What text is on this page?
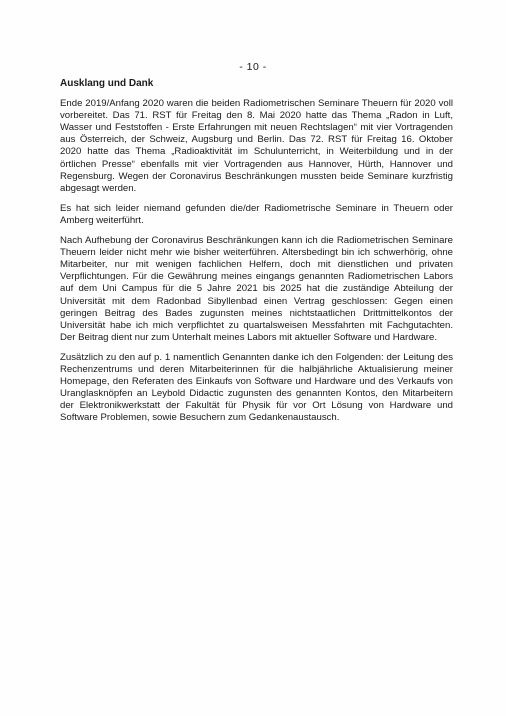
- 10 -
Ausklang und Dank

Ende 2019/Anfang 2020 waren die beiden Radiometrischen Seminare Theuern für 2020 voll vorbereitet. Das 71. RST für Freitag den 8. Mai 2020 hatte das Thema „Radon in Luft, Wasser und Feststoffen - Erste Erfahrungen mit neuen Rechtslagen“ mit vier Vortragenden aus Österreich, der Schweiz, Augsburg und Berlin. Das 72. RST für Freitag 16. Oktober 2020 hatte das Thema „Radioaktivität im Schulunterricht, in Weiterbildung und in der örtlichen Presse“ ebenfalls mit vier Vortragenden aus Hannover, Hürth, Hannover und Regensburg. Wegen der Coronavirus Beschränkungen mussten beide Seminare kurzfristig abgesagt werden.

Es hat sich leider niemand gefunden die/der Radiometrische Seminare in Theuern oder Amberg weiterführt.

Nach Aufhebung der Coronavirus Beschränkungen kann ich die Radiometrischen Seminare Theuern leider nicht mehr wie bisher weiterführen. Altersbedingt bin ich schwerhörig, ohne Mitarbeiter, nur mit wenigen fachlichen Helfern, doch mit dienstlichen und privaten Verpflichtungen. Für die Gewährung meines eingangs genannten Radiometrischen Labors auf dem Uni Campus für die 5 Jahre 2021 bis 2025 hat die zuständige Abteilung der Universität mit dem Radonbad Sibyllenbad einen Vertrag geschlossen: Gegen einen geringen Beitrag des Bades zugunsten meines nichtstaatlichen Drittmittelkontos der Universität habe ich mich verpflichtet zu quartalsweisen Messfahrten mit Fachgutachten. Der Beitrag dient nur zum Unterhalt meines Labors mit aktueller Software und Hardware.

Zusätzlich zu den auf p. 1 namentlich Genannten danke ich den Folgenden: der Leitung des Rechenzentrums und deren Mitarbeiterinnen für die halbjährliche Aktualisierung meiner Homepage, den Referaten des Einkaufs von Software und Hardware und des Verkaufs von Uranglasknöpfen an Leybold Didactic zugunsten des genannten Kontos, den Mitarbeitern der Elektronikwerkstatt der Fakultät für Physik für vor Ort Lösung von Hardware und Software Problemen, sowie Besuchern zum Gedankenaustausch.
